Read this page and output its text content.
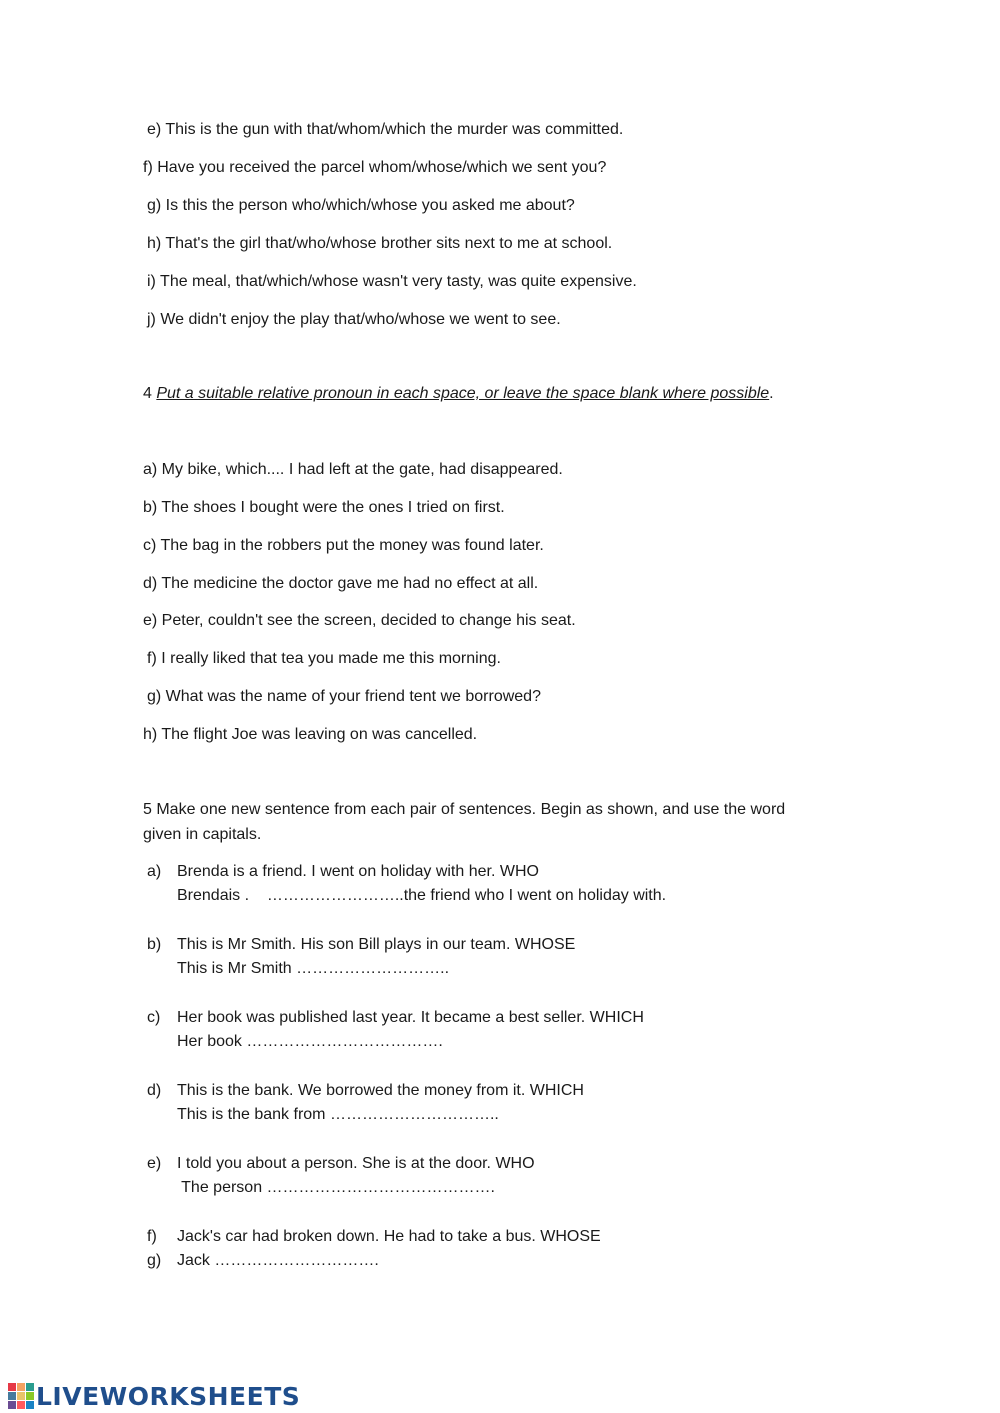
e) This is the gun with that/whom/which the murder was committed.
f) Have you received the parcel whom/whose/which we sent you?
g) Is this the person who/which/whose you asked me about?
h) That's the girl that/who/whose brother sits next to me at school.
i) The meal, that/which/whose wasn't very tasty, was quite expensive.
j) We didn't enjoy the play that/who/whose we went to see.
4 Put a suitable relative pronoun in each space, or leave the space blank where possible.
a) My bike, which.... I had left at the gate, had disappeared.
b) The shoes I bought were the ones I tried on first.
c) The bag in the robbers put the money was found later.
d) The medicine the doctor gave me had no effect at all.
e) Peter, couldn't see the screen, decided to change his seat.
f) I really liked that tea you made me this morning.
g) What was the name of your friend tent we borrowed?
h) The flight Joe was leaving on was cancelled.
5 Make one new sentence from each pair of sentences. Begin as shown, and use the word
given in capitals.
a) Brenda is a friend. I went on holiday with her. WHO
Brendais .    ……………………..the friend who I went on holiday with.
b) This is Mr Smith. His son Bill plays in our team. WHOSE
This is Mr Smith ………………………..
c) Her book was published last year. It became a best seller. WHICH
Her book ……………………………….
d) This is the bank. We borrowed the money from it. WHICH
This is the bank from …………………………..
e) I told you about a person. She is at the door. WHO
The person …………………………………….
f) Jack's car had broken down. He had to take a bus. WHOSE
g) Jack ………………………….
LIVEWORKSHEETS
